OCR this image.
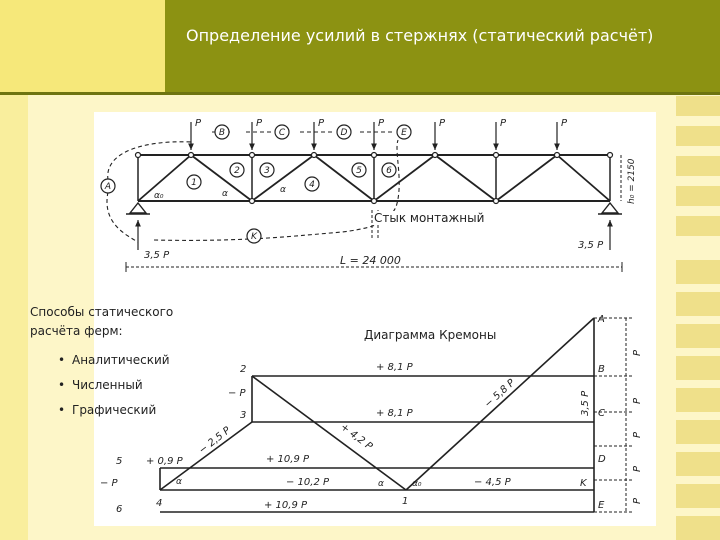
Определение усилий в стержнях (статический расчёт)
P	P	P	P	P	P	P
3,5 P
3,5 P
L = 24 000
α₀	α	α	h₀ = 2150
A
B	C	D	E
K
1
2	3
4
5	6
A
B
C
D
K
E
1
2
3
4
5
6
+ 8,1 P
+ 8,1 P
+ 10,9 P
− 10,2 P	− 4,5 P
+ 10,9 P
+ 0,9 P
− 2,5 P	+ 4,2 P
− 5,8 P	3,5 P
− P
− P	α	α	α₀
P
P
P
P
P
Стык монтажный
Диаграмма Кремоны
Способы статического расчёта ферм:
• Аналитический
• Численный
• Графический
